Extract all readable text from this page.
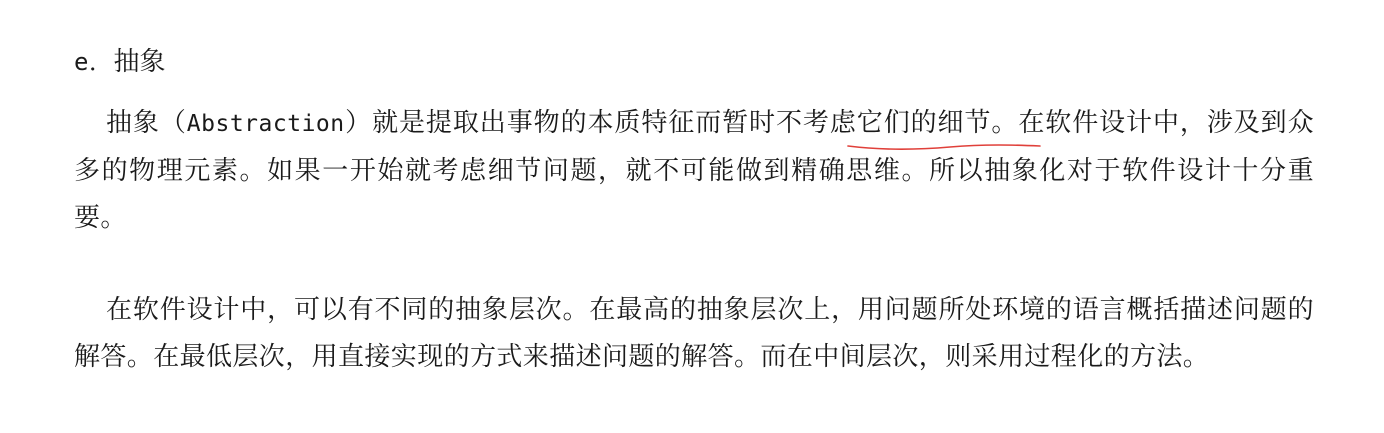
e．抽象

抽象（Abstraction）就是提取出事物的本质特征而暂时不考虑它们的细节。在软件设计中，涉及到众多的物理元素。如果一开始就考虑细节问题，就不可能做到精确思维。所以抽象化对于软件设计十分重要。

在软件设计中，可以有不同的抽象层次。在最高的抽象层次上，用问题所处环境的语言概括描述问题的解答。在最低层次，用直接实现的方式来描述问题的解答。而在中间层次，则采用过程化的方法。
